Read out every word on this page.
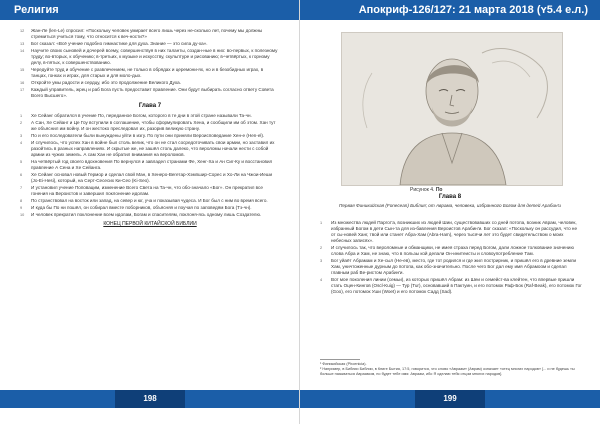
Религия
12 Жан-Ле (len-Le) спросил: «Поскольку человек умирает всего лишь через не-сколько лет, почему мы должны стремиться учиться тому, что относится к веч-ности?»
13 Бог сказал: «Всё учение подобно гимнастике для духа. Знание — это сила ду-ха».
14 Научите своих сыновей и дочерей всему, совершенствуя в них таланты, создан-ные в них: во-первых, к полезному труду; во-вторых, к обучению; в-третьих, к музыке и искусству, скульптуре и рисованию; в-четвёртых, к горному делу, в-пятых, к совершенствованию.
15 Чередуйте труд и обучение с развлечением, не только в обрядах и церемони-ях, но и в безобидных играх, в танцах, гонках и играх, для старых и для моло-дых.
16 Откройте умы радости и сердцу, ибо это продолжение Великого Духа.
17 Каждый управитель, жрец и раб Бога пусть предоставит правление. Они будут выбирать согласно ответу Совета Всего Высшего».
Глава 7
1 Хе Сейанг обратился в учение По, переданное Богом, которого в те дни в этой стране называли Та-чн.
2 А Сан, Хе Сейанг и Це Гоу вступили в соглашение, чтобы сформулировать Хена, и сообщили им об этом. Хан тут же объяснил им войну. И он жестоко преследовал их, разорив великую страну.
3 По и его последователи были вынуждены уйти в изгу. По пути они приняли Вероисповедание Хен-е (Hen-el).
4 И случилось, что успех Хан в войне был столь велик, что он не стал сосредоточивать свои армии, но заставил их разойтись в разных направлениях. И скрытые же, не зашёл столь далеко, что вероломы начали нести с собой армии из чужих земель. А сам Хан не обратил внимания на вероломов.
5 На четвёртый год своего вдохновения По вернулся и завладел странами Фе, Хенг-Ха и Ан Сиг-Ку и восстановил правление А Сена и Хе Сейанга.
6 Хе Сейанг основал новый Гермор и сделал свой Ман, в Хенеро-Вегетар-Хэмпшир-Сорес и Хо-Ли на Чжои-Иеши (Jo-Ei-Hesi), который, на Серт-Сесесих Ки-Сео (Ki-Seo).
7 И установил учение Поповацим, изменение Всего Света на Та-чн, что обо-значало «Бог». Он прекратил все гонения на Вероистов и завершил поклонение идолам.
8 По странствовал на восток или запад, на север и юг, уча и показывая чудеса. И Бог был с ним во время всего.
9 И куда бы По ни пошёл, он собирал вместе поборников, объясняя и поучая по заповедям Бога (Тэ-чн).
10 И человек прекратил поклонение всем идолам, Богам и спасителям, поклоня-ясь одному лишь Создателю.
КОНЕЦ ПЕРВОЙ КИТАЙСКОЙ БИБЛИИ
198
Апокриф-126/127: 21 марта 2018 (ʏ5.4 е.л.)
Рисунок 4. По
Глава 8
Первая Финикийская (Fonecean) Библия; от Аврама, человека, избранного Богом для детей Арабин'и
1 Из множества людей Паргог'а, возникших из людей Шии, существовавших со дней потопа, возник Аврам, человек, избранный Богом в дети Сын-та для из-бавления Вероистов Арабин'и. Бог сказал: «Поскольку он рассудил, что не от сы-новей Ханг, твой или станет Абра-Хам (Abra-Ham), через тысячи лет это будет свидетельством о моих небесных записях».
2 И случилось так, что вероломные и обманщики, не имея страха перед Богом, дали ложное толкование значению слова Абра и Хам, не знаю, что в пользы кой делали Он-инитеисты и словоупотребление Там.
3 Бог уйаёт Абрамам и Хе-сыл (Не-ев), место, где тот родился и где жил пострирник, и пришёл его в древние земли Хам, уничтоженные дурным до потопа, как обо-значительно. После чего Бог дал ему имя Абрамоом и сделал главным раб Ве-ристом Арабин'и.
4 Вот мое поколения линии (семьи), из которых пришёл Абрам: из Шеи и семейст-ва клейтен, что впервые пришли стать Оцен-Кингов (Oscl-Kuig) — Тур (Tur), основавший в Пактуин, и его потомок Раф-Бок (Raf-Beak), его потомок Гог (Goo), его потомок Уши (Woet) и его потомок Садд (Sad).
¹ Финикийская (Phoenicia).
² Например, в Библии Библии, в Книге Бытия, 17:5, говорится, что слово «Авраам» (Аврам) означает «отец многих народов» [... и не будешь ты больше называться Авраамом, но будет тебе имя: Авраам, ибо Я сделаю тебя отцом многих народов].
199
